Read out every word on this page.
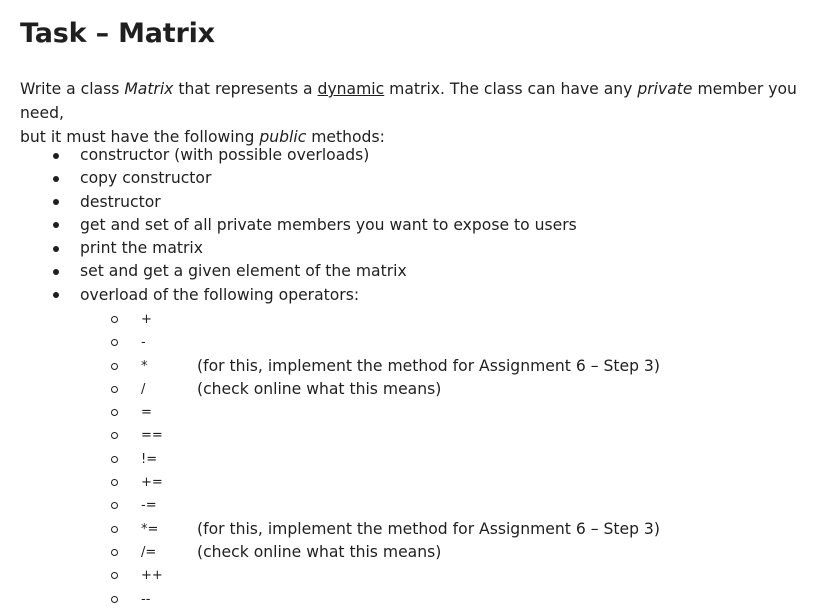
Task – Matrix

Write a class Matrix that represents a dynamic matrix. The class can have any private member you need,
but it must have the following public methods:

constructor (with possible overloads)
copy constructor
destructor
get and set of all private members you want to expose to users
print the matrix
set and get a given element of the matrix
overload of the following operators:
+
-
*	(for this, implement the method for Assignment 6 – Step 3)
/	(check online what this means)
=
==
!=
+=
-=
*= (for this, implement the method for Assignment 6 – Step 3)
/=	(check online what this means)
++
--
